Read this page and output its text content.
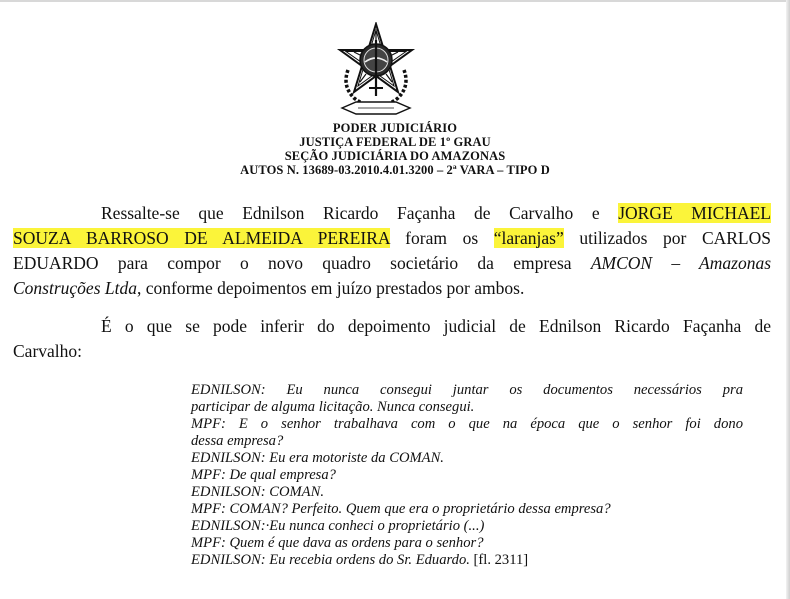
PODER JUDICIÁRIO
JUSTIÇA FEDERAL DE 1º GRAU
SEÇÃO JUDICIÁRIA DO AMAZONAS
AUTOS N. 13689-03.2010.4.01.3200 – 2ª VARA – TIPO D
Ressalte-se que Ednilson Ricardo Façanha de Carvalho e JORGE MICHAEL
SOUZA BARROSO DE ALMEIDA PEREIRA foram os “laranjas” utilizados por CARLOS
EDUARDO para compor o novo quadro societário da empresa AMCON – Amazonas
Construções Ltda, conforme depoimentos em juízo prestados por ambos.
É o que se pode inferir do depoimento judicial de Ednilson Ricardo Façanha de
Carvalho:
EDNILSON: Eu nunca consegui juntar os documentos necessários pra
participar de alguma licitação. Nunca consegui.
MPF: E o senhor trabalhava com o que na época que o senhor foi dono
dessa empresa?
EDNILSON: Eu era motoriste da COMAN.
MPF: De qual empresa?
EDNILSON: COMAN.
MPF: COMAN? Perfeito. Quem que era o proprietário dessa empresa?
EDNILSON:·Eu nunca conheci o proprietário (...)
MPF: Quem é que dava as ordens para o senhor?
EDNILSON: Eu recebia ordens do Sr. Eduardo. [fl. 2311]
